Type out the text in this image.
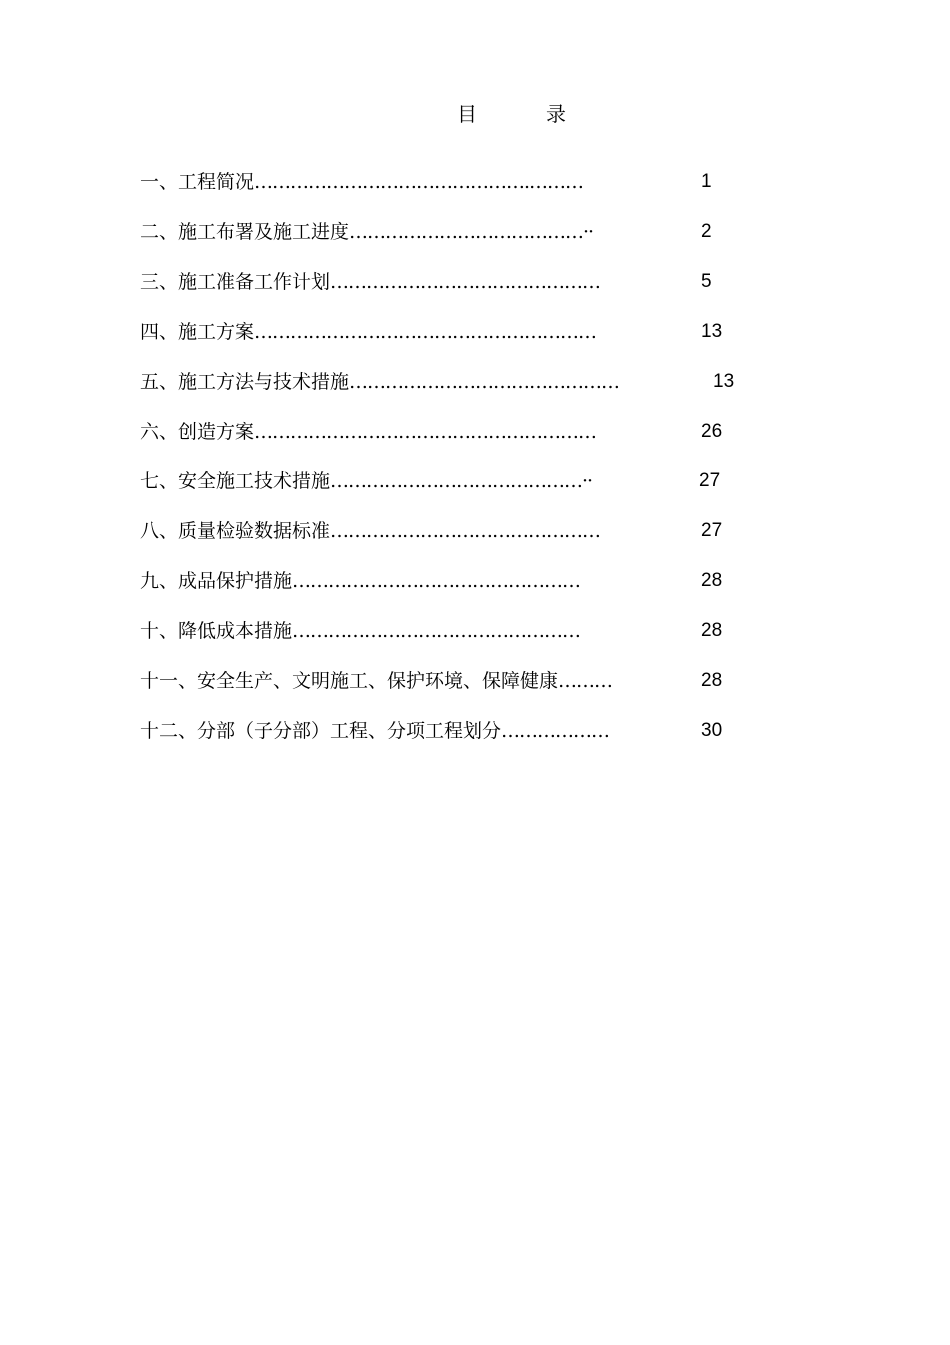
目	录
一、工程简况……………………………………….………	1
二、施工布署及施工进度…………………………………··	2
三、施工准备工作计划………………………………………	5
四、施工方案…………………………………………………	13
五、施工方法与技术措施………………………………………	13
六、创造方案…………………………………………………	26
七、安全施工技术措施……………………………………··	27
八、质量检验数据标准………………………………………	27
九、成品保护措施…………………………………………	28
十、降低成本措施…………………………………………	28
十一、安全生产、文明施工、保护环境、保障健康………	28
十二、分部（子分部）工程、分项工程划分………………	30
